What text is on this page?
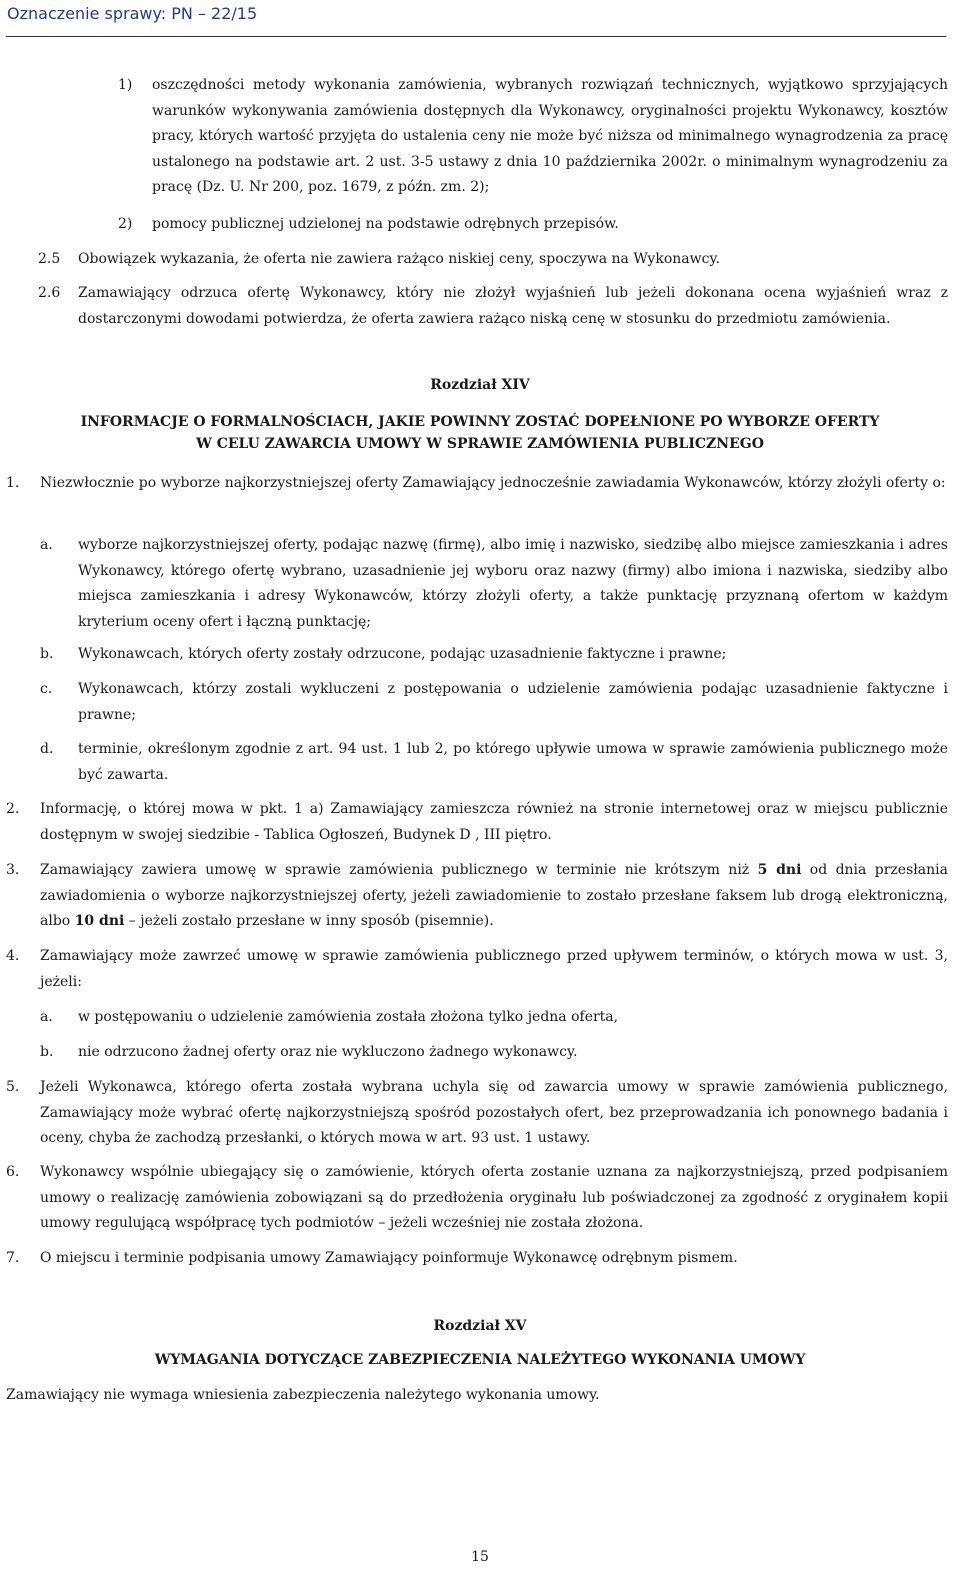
Oznaczenie sprawy: PN – 22/15
1) oszczędności metody wykonania zamówienia, wybranych rozwiązań technicznych, wyjątkowo sprzyjających warunków wykonywania zamówienia dostępnych dla Wykonawcy, oryginalności projektu Wykonawcy, kosztów pracy, których wartość przyjęta do ustalenia ceny nie może być niższa od minimalnego wynagrodzenia za pracę ustalonego na podstawie art. 2 ust. 3-5 ustawy z dnia 10 października 2002r. o minimalnym wynagrodzeniu za pracę (Dz. U. Nr 200, poz. 1679, z późn. zm. 2);

2) pomocy publicznej udzielonej na podstawie odrębnych przepisów.

2.5 Obowiązek wykazania, że oferta nie zawiera rażąco niskiej ceny, spoczywa na Wykonawcy.

2.6 Zamawiający odrzuca ofertę Wykonawcy, który nie złożył wyjaśnień lub jeżeli dokonana ocena wyjaśnień wraz z dostarczonymi dowodami potwierdza, że oferta zawiera rażąco niską cenę w stosunku do przedmiotu zamówienia.

Rozdział XIV
INFORMACJE O FORMALNOŚCIACH, JAKIE POWINNY ZOSTAĆ DOPEŁNIONE PO WYBORZE OFERTY
W CELU ZAWARCIA UMOWY W SPRAWIE ZAMÓWIENIA PUBLICZNEGO
1. Niezwłocznie po wyborze najkorzystniejszej oferty Zamawiający jednocześnie zawiadamia Wykonawców, którzy złożyli oferty o:

a. wyborze najkorzystniejszej oferty, podając nazwę (firmę), albo imię i nazwisko, siedzibę albo miejsce zamieszkania i adres Wykonawcy, którego ofertę wybrano, uzasadnienie jej wyboru oraz nazwy (firmy) albo imiona i nazwiska, siedziby albo miejsca zamieszkania i adresy Wykonawców, którzy złożyli oferty, a także punktację przyznaną ofertom w każdym kryterium oceny ofert i łączną punktację;

b. Wykonawcach, których oferty zostały odrzucone, podając uzasadnienie faktyczne i prawne;

c. Wykonawcach, którzy zostali wykluczeni z postępowania o udzielenie zamówienia podając uzasadnienie faktyczne i prawne;

d. terminie, określonym zgodnie z art. 94 ust. 1 lub 2, po którego upływie umowa w sprawie zamówienia publicznego może być zawarta.

2. Informację, o której mowa w pkt. 1 a) Zamawiający zamieszcza również na stronie internetowej oraz w miejscu publicznie dostępnym w swojej siedzibie - Tablica Ogłoszeń, Budynek D , III piętro.

3. Zamawiający zawiera umowę w sprawie zamówienia publicznego w terminie nie krótszym niż 5 dni od dnia przesłania zawiadomienia o wyborze najkorzystniejszej oferty, jeżeli zawiadomienie to zostało przesłane faksem lub drogą elektroniczną, albo 10 dni – jeżeli zostało przesłane w inny sposób (pisemnie).

4. Zamawiający może zawrzeć umowę w sprawie zamówienia publicznego przed upływem terminów, o których mowa w ust. 3, jeżeli:

a. w postępowaniu o udzielenie zamówienia została złożona tylko jedna oferta,

b. nie odrzucono żadnej oferty oraz nie wykluczono żadnego wykonawcy.

5. Jeżeli Wykonawca, którego oferta została wybrana uchyla się od zawarcia umowy w sprawie zamówienia publicznego, Zamawiający może wybrać ofertę najkorzystniejszą spośród pozostałych ofert, bez przeprowadzania ich ponownego badania i oceny, chyba że zachodzą przesłanki, o których mowa w art. 93 ust. 1 ustawy.

6. Wykonawcy wspólnie ubiegający się o zamówienie, których oferta zostanie uznana za najkorzystniejszą, przed podpisaniem umowy o realizację zamówienia zobowiązani są do przedłożenia oryginału lub poświadczonej za zgodność z oryginałem kopii umowy regulującą współpracę tych podmiotów – jeżeli wcześniej nie została złożona.

7. O miejscu i terminie podpisania umowy Zamawiający poinformuje Wykonawcę odrębnym pismem.

Rozdział XV
WYMAGANIA DOTYCZĄCE ZABEZPIECZENIA NALEŻYTEGO WYKONANIA UMOWY

Zamawiający nie wymaga wniesienia zabezpieczenia należytego wykonania umowy.

15
